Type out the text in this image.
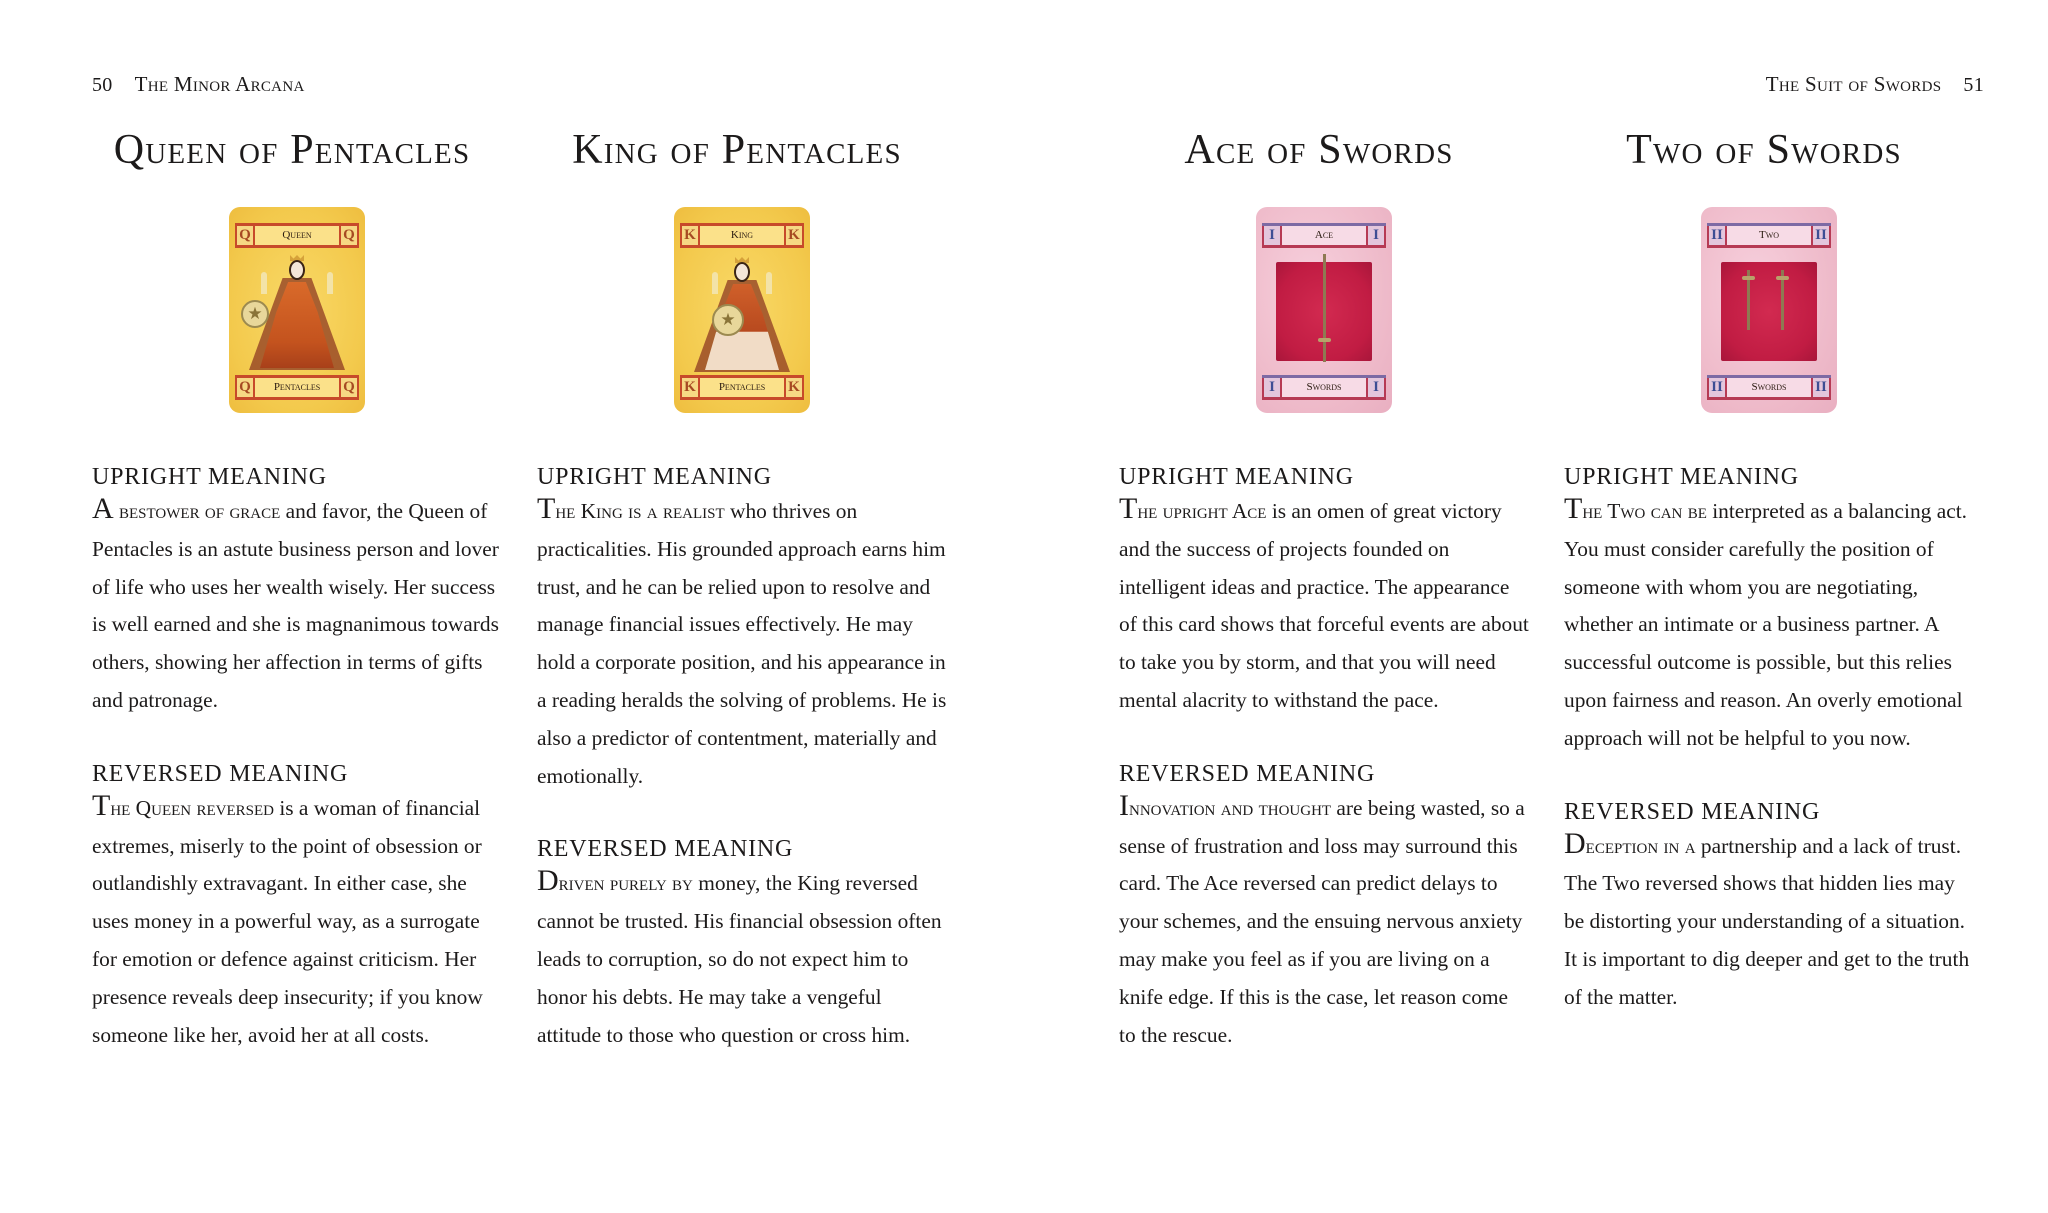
50 The Minor Arcana	The Suit of Swords 51
Queen of Pentacles
Q	Queen	Q
★
Q	Pentacles	Q
UPRIGHT MEANING

A bestower of grace and favor, the Queen of Pentacles is an astute business person and lover of life who uses her wealth wisely. Her success is well earned and she is magnanimous towards others, showing her affection in terms of gifts and patronage.

REVERSED MEANING

The Queen reversed is a woman of financial extremes, miserly to the point of obsession or outlandishly extravagant. In either case, she uses money in a powerful way, as a surrogate for emotion or defence against criticism. Her presence reveals deep insecurity; if you know someone like her, avoid her at all costs.

King of Pentacles
K	King	K
★
K	Pentacles	K
UPRIGHT MEANING

The King is a realist who thrives on practicalities. His grounded approach earns him trust, and he can be relied upon to resolve and manage financial issues effectively. He may hold a corporate position, and his appearance in a reading heralds the solving of problems. He is also a predictor of contentment, materially and emotionally.

REVERSED MEANING

Driven purely by money, the King reversed cannot be trusted. His financial obsession often leads to corruption, so do not expect him to honor his debts. He may take a vengeful attitude to those who question or cross him.

Ace of Swords
I	Ace	I
I	Swords	I
UPRIGHT MEANING

The upright Ace is an omen of great victory and the success of projects founded on intelligent ideas and practice. The appearance of this card shows that forceful events are about to take you by storm, and that you will need mental alacrity to withstand the pace.

REVERSED MEANING

Innovation and thought are being wasted, so a sense of frustration and loss may surround this card. The Ace reversed can predict delays to your schemes, and the ensuing nervous anxiety may make you feel as if you are living on a knife edge. If this is the case, let reason come to the rescue.

Two of Swords
II	Two	II
II	Swords	II
UPRIGHT MEANING

The Two can be interpreted as a balancing act. You must consider carefully the position of someone with whom you are negotiating, whether an intimate or a business partner. A successful outcome is possible, but this relies upon fairness and reason. An overly emotional approach will not be helpful to you now.

REVERSED MEANING

Deception in a partnership and a lack of trust. The Two reversed shows that hidden lies may be distorting your understanding of a situation. It is important to dig deeper and get to the truth of the matter.
